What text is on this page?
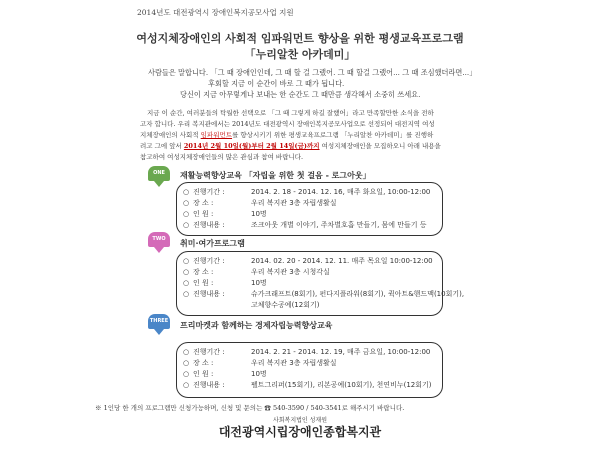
2014년도 대전광역시 장애인복지공모사업 지원
여성지체장애인의 사회적 임파워먼트 향상을 위한 평생교육프로그램
「누리알찬 아카데미」
사람들은 말합니다. 「그 때 장애인인데, 그 때 할 걸 그랬어. 그 때 할걸 그랬어... 그 때 조심했더라면...」
후회할 지금 이 순간이 바로 그 때가 됩니다.
당신이 지금 아무렇게나 보내는 한 순간도 그 때만큼 생각해서 소중히 쓰세요.
지금 이 순간, 여러분들의 탁월한 선택으로 「그 때 그렇게 하길 잘했어」라고 만족할만한 소식을 전하
고자 합니다. 우리 복지관에서는 2014년도 대전광역시 장애인복지공모사업으로 선정되어 대전지역 여성
지체장애인의 사회적 임파워먼트를 향상시키기 위한 평생교육프로그램 「누리알찬 아카데미」를 진행하
려고 그에 앞서 2014년 2월 10일(월)부터 2월 14일(금)까지 여성지체장애인을 모집하오니 아래 내용을
참고하여 여성지체장애인들의 많은 관심과 참여 바랍니다.
ONE	재활능력향상교육 「자립을 위한 첫 걸음 - 로그아웃」
○ 진행기간 :	2014. 2. 18 - 2014. 12. 16, 매주 화요일, 10:00-12:00
○ 장 소 :	우리 복지관 3층 자립생활실
○ 인 원 :	10명
○ 진행내용 :	조크아웃 개별 이야기, 주차별호흡 만들기, 몸에 만들기 등
TWO	취미·여가프로그램
○ 진행기간 :	2014. 02. 20 - 2014. 12. 11. 매주 목요일 10:00-12:00
○ 장 소 :	우리 복지관 3층 시청각실
○ 인 원 :	10명
○ 진행내용 :	슈가크래프트(8회기), 펀다지플라워(8회기), 퀵아트&핸드맥(10회기),
고체향수공예(12회기)
THREE 프리마켓과 함께하는 경제자립능력향상교육
○ 진행기간 :	2014. 2. 21 - 2014. 12. 19, 매주 금요일, 10:00-12:00
○ 장 소 :	우리 복지관 3층 자립생활실
○ 인 원 :	10명
○ 진행내용 :	펠트그리퍼(15회기), 리본공예(10회기), 천연비누(12회기)
※ 1인당 한 개의 프로그램만 신청가능하며, 신청 및 문의는 ☎ 540-3590 / 540-3541로 해주시기 바랍니다.
사회복지법인 성재원
대전광역시립장애인종합복지관
